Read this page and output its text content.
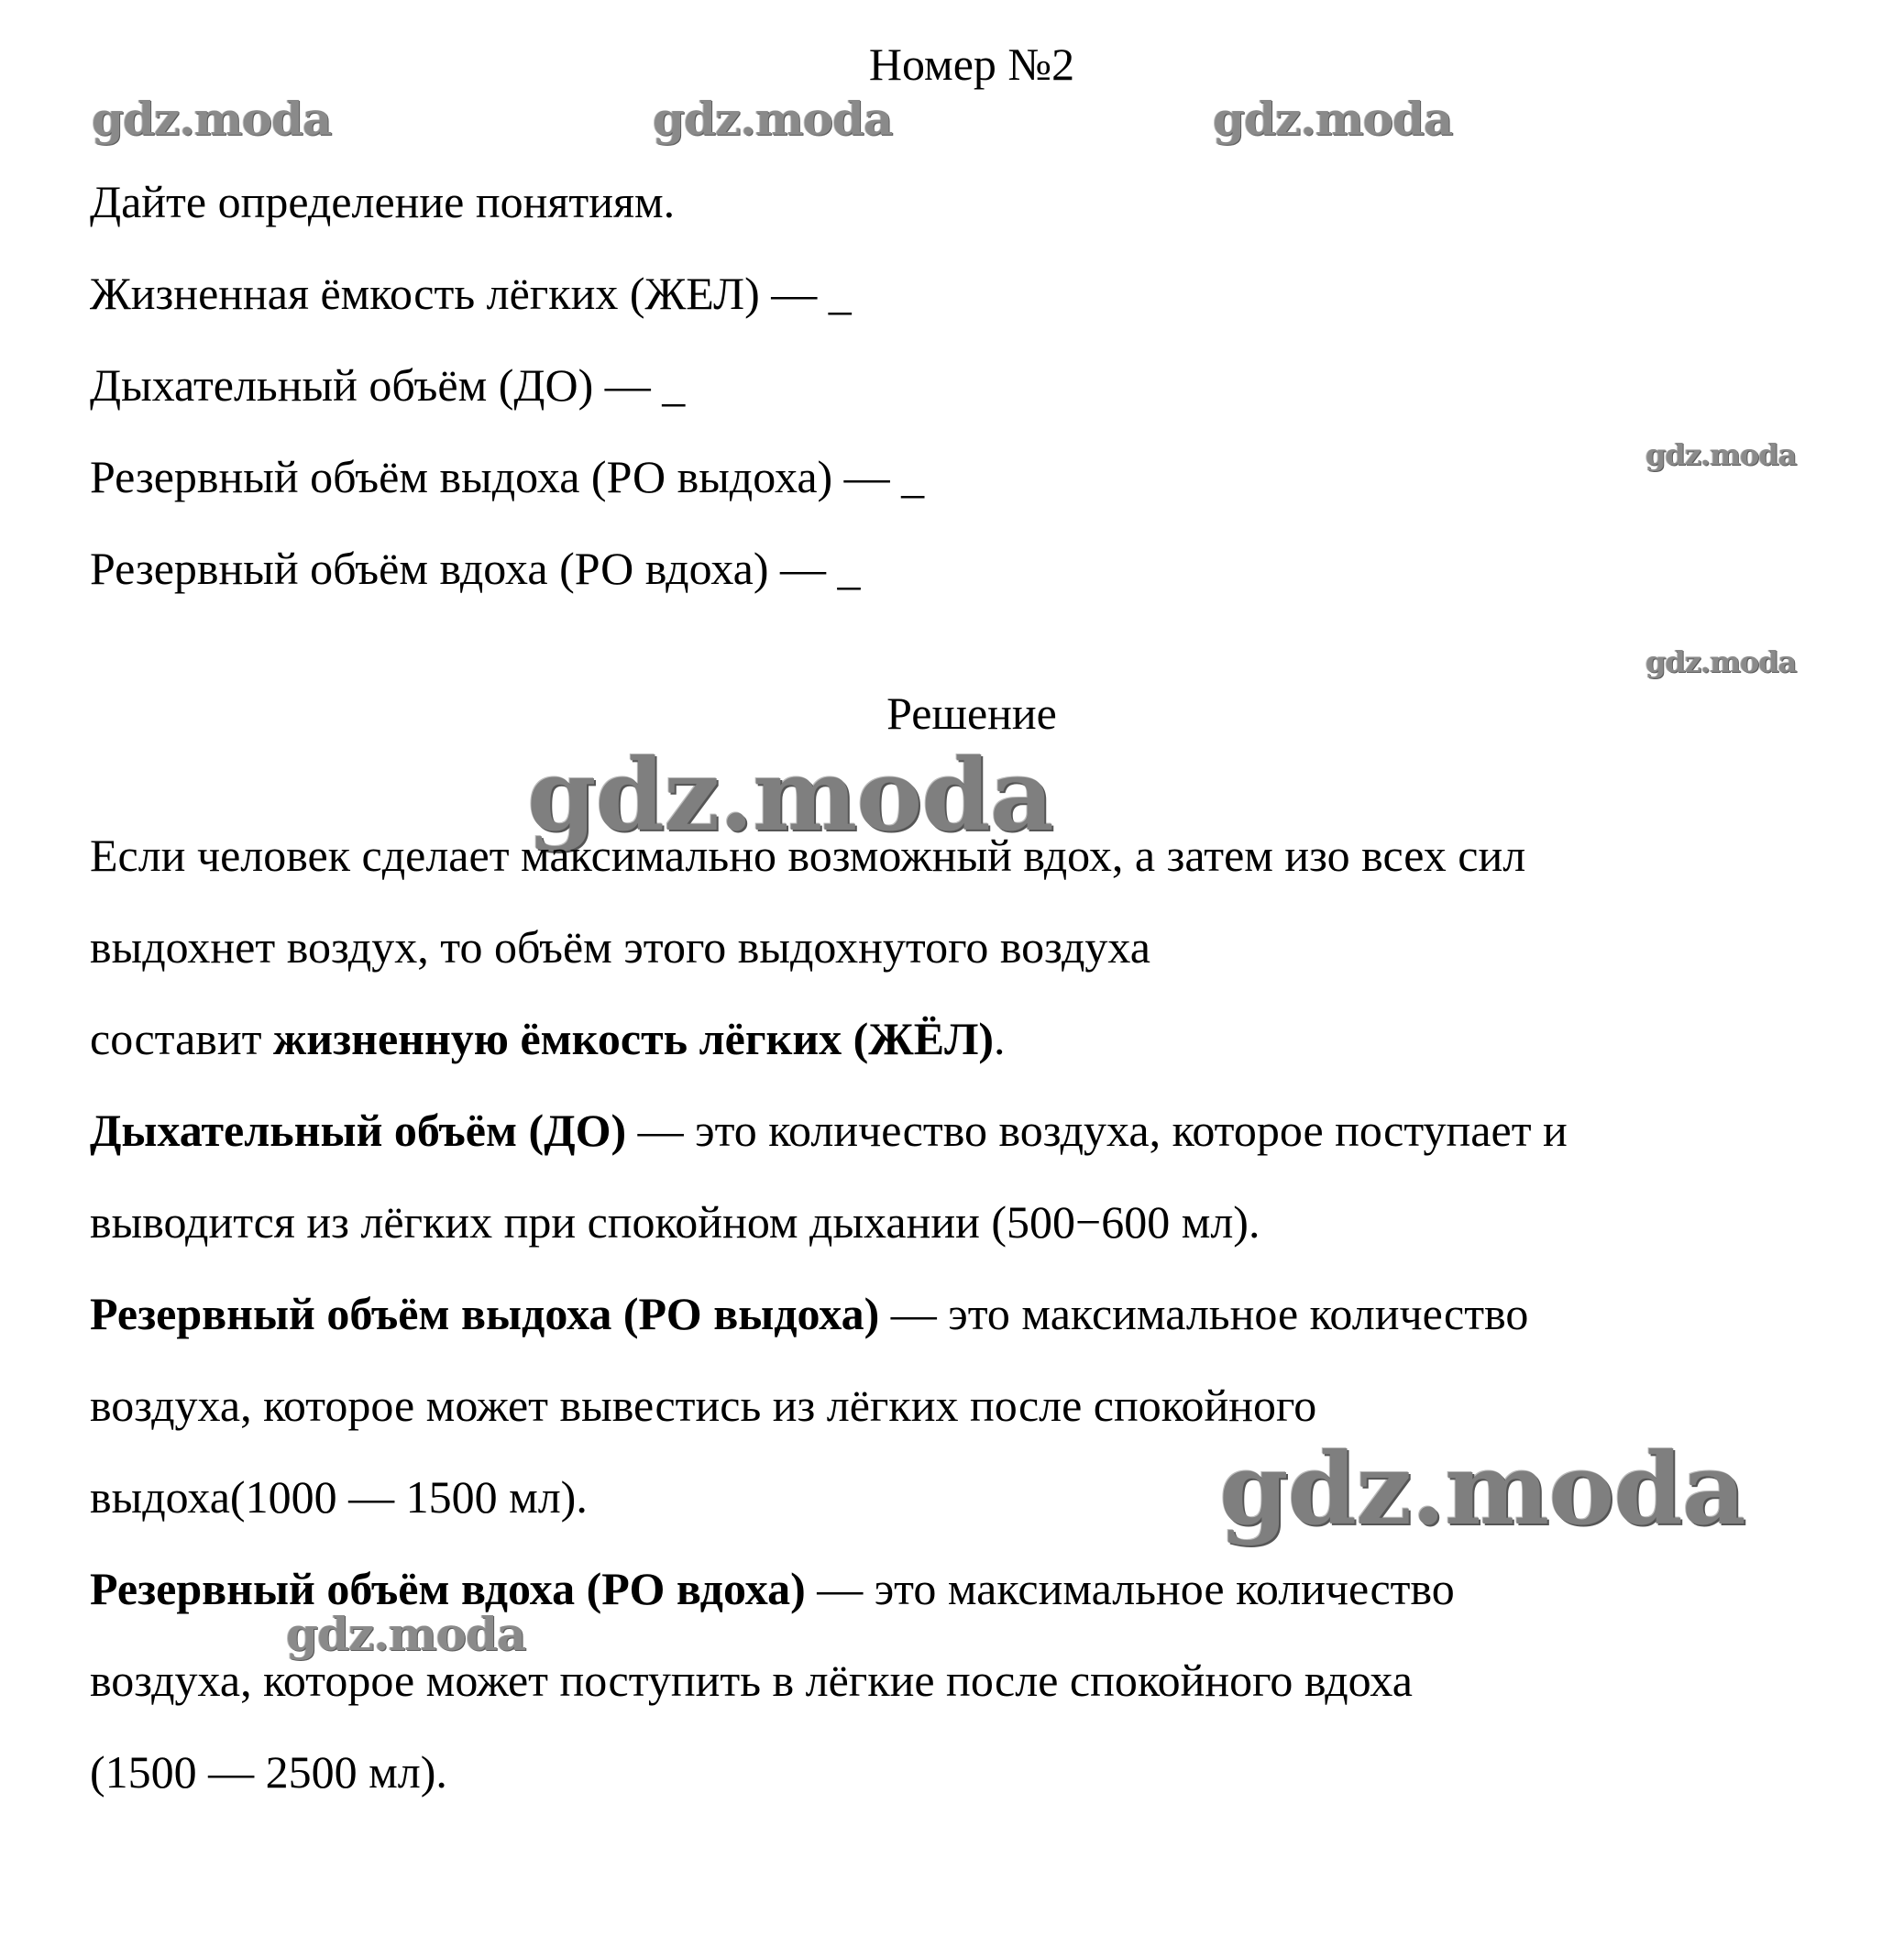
Номер №2

gdz.moda	gdz.moda	gdz.moda

Дайте определение понятиям.

Жизненная ёмкость лёгких (ЖЕЛ) — _

Дыхательный объём (ДО) — _

Резервный объём выдоха (РО выдоха) — _

Резервный объём вдоха (РО вдоха) — _

gdz.moda
gdz.moda

Решение

gdz.moda

Если человек сделает максимально возможный вдох, а затем изо всех сил

выдохнет воздух, то объём этого выдохнутого воздуха

составит жизненную ёмкость лёгких (ЖЁЛ).

Дыхательный объём (ДО) — это количество воздуха, которое поступает и

выводится из лёгких при спокойном дыхании (500−600 мл).

Резервный объём выдоха (РО выдоха) — это максимальное количество

воздуха, которое может вывестись из лёгких после спокойного

выдоха(1000 — 1500 мл).	gdz.moda

Резервный объём вдоха (РО вдоха) — это максимальное количество

gdz.moda

воздуха, которое может поступить в лёгкие после спокойного вдоха

(1500 — 2500 мл).
